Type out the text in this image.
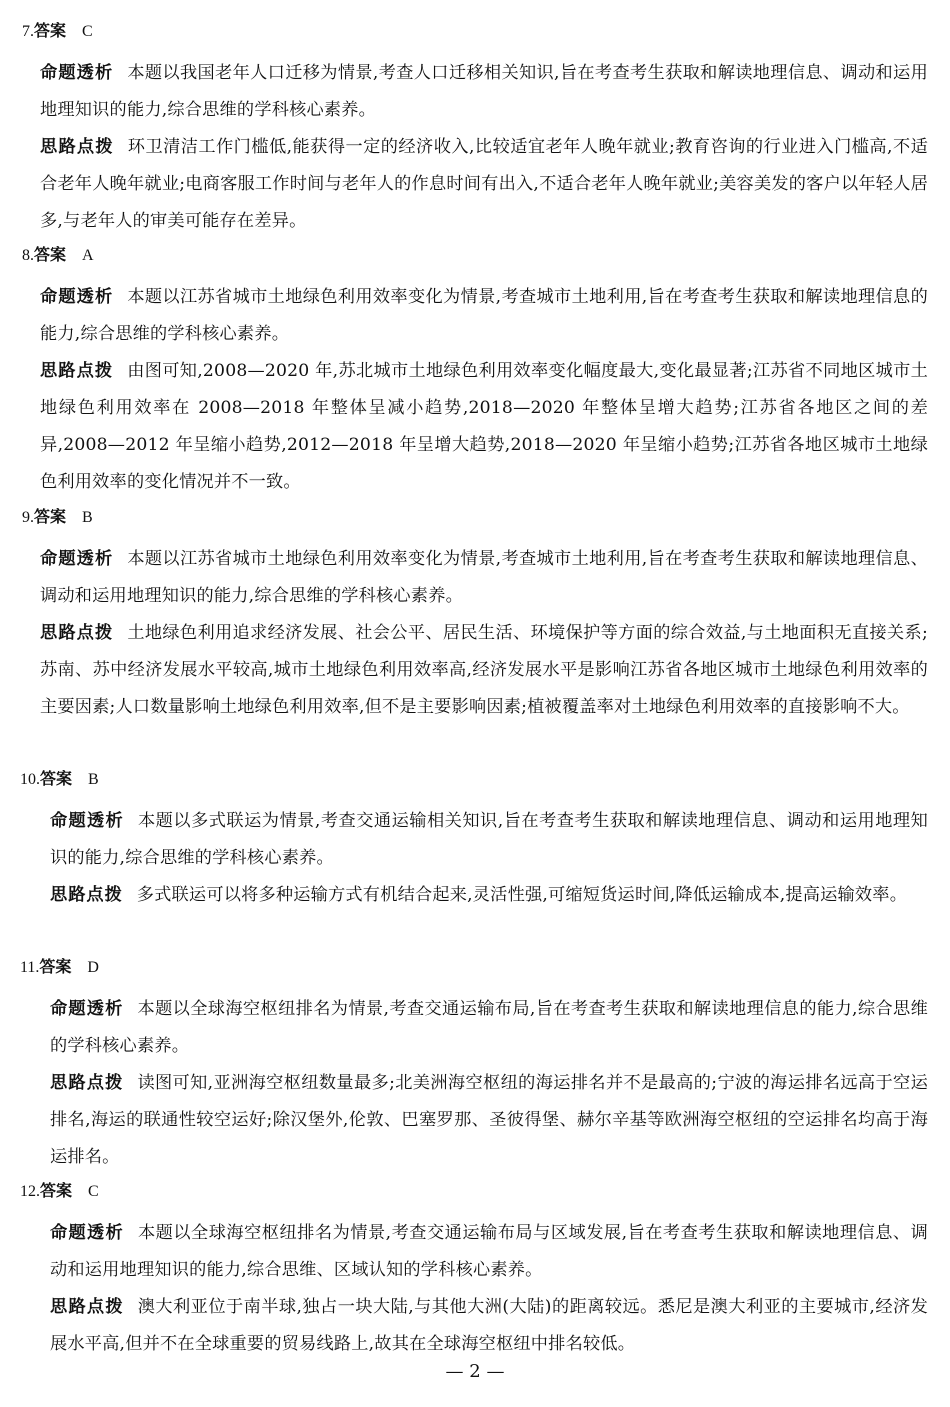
7.答案 C
命题透析 本题以我国老年人口迁移为情景,考查人口迁移相关知识,旨在考查考生获取和解读地理信息、调动和运用地理知识的能力,综合思维的学科核心素养。
思路点拨 环卫清洁工作门槛低,能获得一定的经济收入,比较适宜老年人晚年就业;教育咨询的行业进入门槛高,不适合老年人晚年就业;电商客服工作时间与老年人的作息时间有出入,不适合老年人晚年就业;美容美发的客户以年轻人居多,与老年人的审美可能存在差异。
8.答案 A
命题透析 本题以江苏省城市土地绿色利用效率变化为情景,考查城市土地利用,旨在考查考生获取和解读地理信息的能力,综合思维的学科核心素养。
思路点拨 由图可知,2008—2020 年,苏北城市土地绿色利用效率变化幅度最大,变化最显著;江苏省不同地区城市土地绿色利用效率在 2008—2018 年整体呈减小趋势,2018—2020 年整体呈增大趋势;江苏省各地区之间的差异,2008—2012 年呈缩小趋势,2012—2018 年呈增大趋势,2018—2020 年呈缩小趋势;江苏省各地区城市土地绿色利用效率的变化情况并不一致。
9.答案 B
命题透析 本题以江苏省城市土地绿色利用效率变化为情景,考查城市土地利用,旨在考查考生获取和解读地理信息、调动和运用地理知识的能力,综合思维的学科核心素养。
思路点拨 土地绿色利用追求经济发展、社会公平、居民生活、环境保护等方面的综合效益,与土地面积无直接关系;苏南、苏中经济发展水平较高,城市土地绿色利用效率高,经济发展水平是影响江苏省各地区城市土地绿色利用效率的主要因素;人口数量影响土地绿色利用效率,但不是主要影响因素;植被覆盖率对土地绿色利用效率的直接影响不大。
10.答案 B
命题透析 本题以多式联运为情景,考查交通运输相关知识,旨在考查考生获取和解读地理信息、调动和运用地理知识的能力,综合思维的学科核心素养。
思路点拨 多式联运可以将多种运输方式有机结合起来,灵活性强,可缩短货运时间,降低运输成本,提高运输效率。
11.答案 D
命题透析 本题以全球海空枢纽排名为情景,考查交通运输布局,旨在考查考生获取和解读地理信息的能力,综合思维的学科核心素养。
思路点拨 读图可知,亚洲海空枢纽数量最多;北美洲海空枢纽的海运排名并不是最高的;宁波的海运排名远高于空运排名,海运的联通性较空运好;除汉堡外,伦敦、巴塞罗那、圣彼得堡、赫尔辛基等欧洲海空枢纽的空运排名均高于海运排名。
12.答案 C
命题透析 本题以全球海空枢纽排名为情景,考查交通运输布局与区域发展,旨在考查考生获取和解读地理信息、调动和运用地理知识的能力,综合思维、区域认知的学科核心素养。
思路点拨 澳大利亚位于南半球,独占一块大陆,与其他大洲(大陆)的距离较远。悉尼是澳大利亚的主要城市,经济发展水平高,但并不在全球重要的贸易线路上,故其在全球海空枢纽中排名较低。
— 2 —
